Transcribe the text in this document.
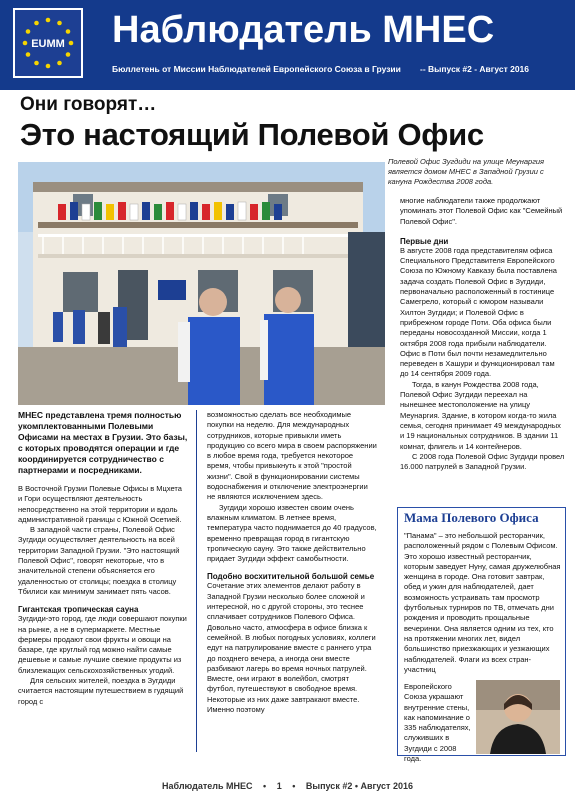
EUMM	Наблюдатель МНЕС
Бюллетень от Миссии Наблюдателей Европейского Союза в Грузии -- Выпуск #2 - Август 2016
Они говорят…
Это настоящий Полевой Офис
Полевой Офис Зугдиди на улице Меунаргия является домом МНЕС в Западной Грузии с кануна Рождества 2008 года.

многие наблюдатели также продолжают упоминать этот Полевой Офис как "Семейный Полевой Офис".

Первые дни

В августе 2008 года представителям офиса Специального Представителя Европейского Союза по Южному Кавказу была поставлена задача создать Полевой Офис в Зугдиди, первоначально расположенный в гостинице Самегрело, который с юмором называли Хилтон Зугдиди; и Полевой Офис в прибрежном городе Поти. Оба офиса были переданы новосозданной Миссии, когда 1 октября 2008 года прибыли наблюдатели. Офис в Поти был почти незамедлительно переведен в Хашури и функционировал там до 14 сентября 2009 года.

Тогда, в канун Рождества 2008 года, Полевой Офис Зугдиди переехал на нынешнее местоположение на улицу Меунаргия. Здание, в котором когда-то жила семья, сегодня принимает 49 международных и 19 национальных сотрудников. В здании 11 комнат, флигель и 14 контейнеров.

С 2008 года Полевой Офис Зугдиди провел 16.000 патрулей в Западной Грузии.

МНЕС представлена тремя полностью укомплектованными Полевыми Офисами на местах в Грузии. Это базы, с которых проводятся операции и где координируется сотрудничество с партнерами и посредниками.

В Восточной Грузии Полевые Офисы в Мцхета и Гори осуществляют деятельность непосредственно на этой территории и вдоль административной границы с Южной Осетией.

В западной части страны, Полевой Офис Зугдиди осуществляет деятельность на всей территории Западной Грузии. "Это настоящий Полевой Офис", говорят некоторые, что в значительной степени объясняется его удаленностью от столицы; поездка в столицу Тбилиси как минимум занимает пять часов.

Гигантская тропическая сауна

Зугдиди-это город, где люди совершают покупки на рынке, а не в супермаркете. Местные фермеры продают свои фрукты и овощи на базаре, где круглый год можно найти самые дешевые и самые лучшие свежие продукты из близлежащих сельскохозяйственных угодий.

Для сельских жителей, поездка в Зугдиди считается настоящим путешествием в гудящий город с

возможностью сделать все необходимые покупки на неделю. Для международных сотрудников, которые привыкли иметь продукцию со всего мира в своем распоряжении в любое время года, требуется некоторое время, чтобы привыкнуть к этой "простой жизни". Свой в функционировании системы водоснабжения и отключение электроэнергии не являются исключением здесь.

Зугдиди хорошо известен своим очень влажным климатом. В летнее время, температура часто поднимается до 40 градусов, временно превращая город в гигантскую тропическую сауну. Это также действительно придает Зугдиди эффект самобытности.

Подобно восхитительной большой семье

Сочетание этих элементов делают работу в Западной Грузии несколько более сложной и интересной, но с другой стороны, это теснее сплачивает сотрудников Полевого Офиса. Довольно часто, атмосфера в офисе близка к семейной. В любых погодных условиях, коллеги едут на патрулирование вместе с раннего утра до позднего вечера, а иногда они вместе разбивают лагерь во время ночных патрулей. Вместе, они играют в волейбол, смотрят футбол, путешествуют в свободное время. Некоторые из них даже завтракают вместе. Именно поэтому

Мама Полевого Офиса
"Панама" – это небольшой ресторанчик, расположенный рядом с Полевым Офисом. Это хорошо известный ресторанчик, которым заведует Нуну, самая дружелюбная женщина в городе. Она готовит завтрак, обед и ужин для наблюдателей, дает возможность устраивать там просмотр футбольных турниров по ТВ, отмечать дни рождения и проводить прощальные вечеринки. Она является одним из тех, кто на протяжении многих лет, видел большинство приезжающих и уезжающих наблюдателей. Флаги из всех стран-участниц
Европейского Союза украшают внутренние стены, как напоминание о 335 наблюдателях, служивших в Зугдиди с 2008 года.
Наблюдатель МНЕС • 1 • Выпуск #2 • Август 2016
